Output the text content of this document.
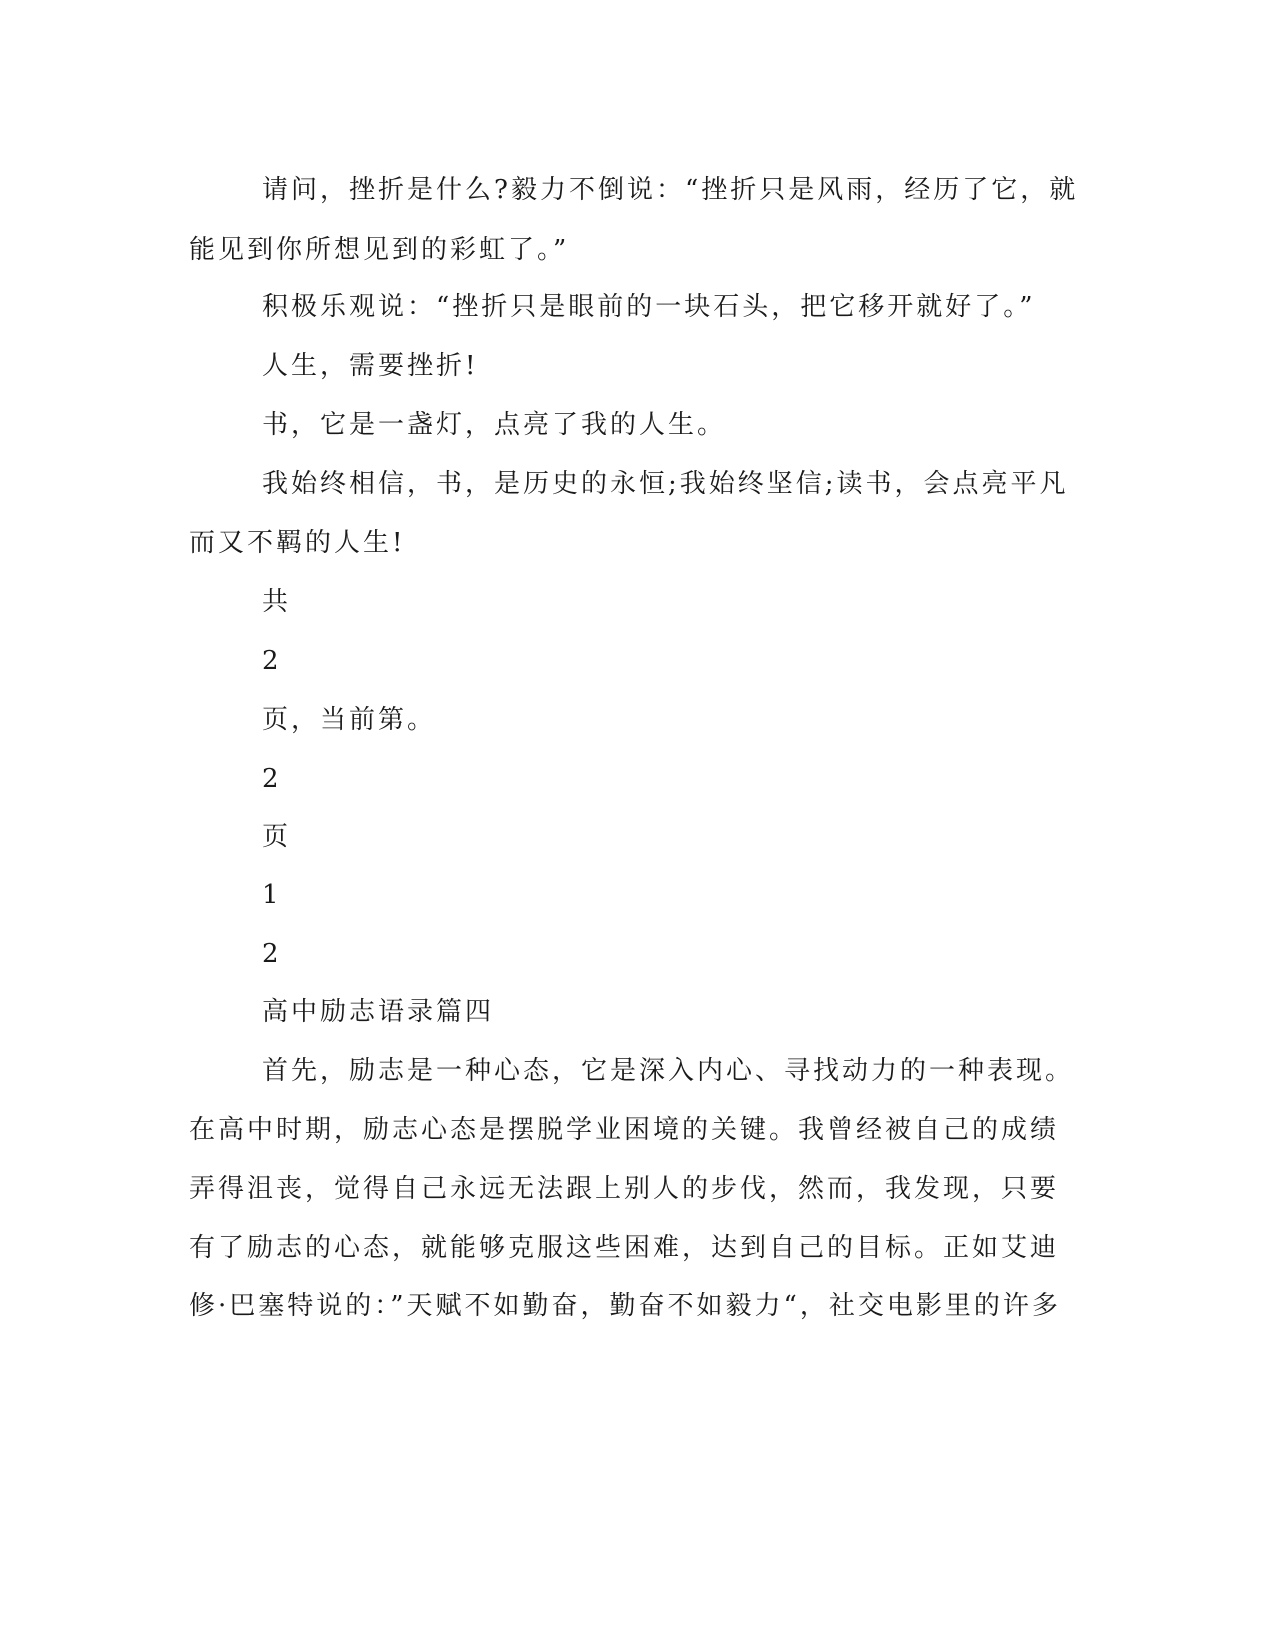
请问，挫折是什么?毅力不倒说：“挫折只是风雨，经历了它，就
能见到你所想见到的彩虹了。”
积极乐观说：“挫折只是眼前的一块石头，把它移开就好了。”
人生，需要挫折!
书，它是一盏灯，点亮了我的人生。
我始终相信，书，是历史的永恒;我始终坚信;读书，会点亮平凡
而又不羁的人生!
共
2
页，当前第。
2
页
1
2
高中励志语录篇四
首先，励志是一种心态，它是深入内心、寻找动力的一种表现。
在高中时期，励志心态是摆脱学业困境的关键。我曾经被自己的成绩
弄得沮丧，觉得自己永远无法跟上别人的步伐，然而，我发现，只要
有了励志的心态，就能够克服这些困难，达到自己的目标。正如艾迪
修·巴塞特说的：”天赋不如勤奋，勤奋不如毅力“，社交电影里的许多
